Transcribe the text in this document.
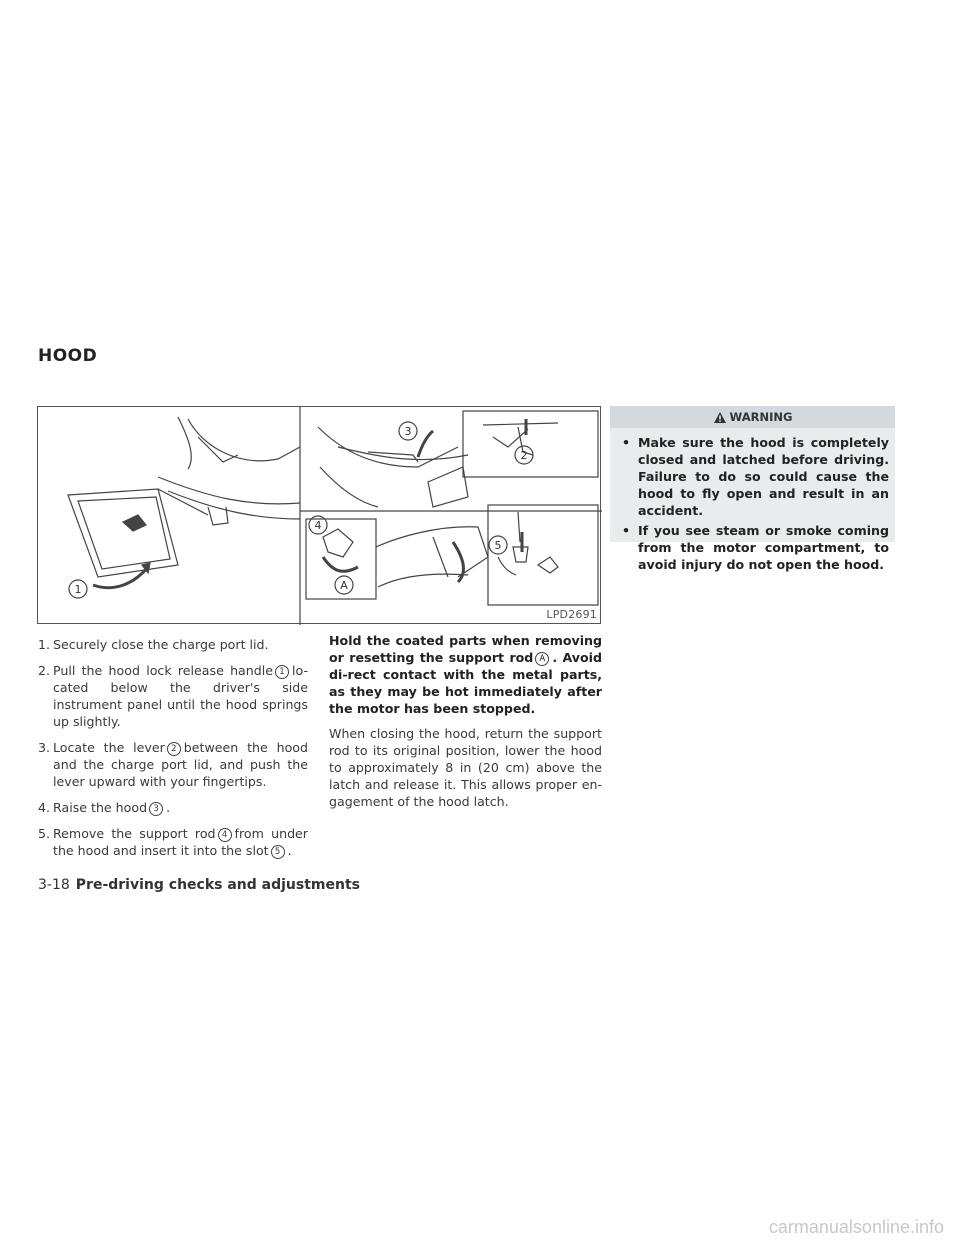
HOOD
1
2
3
4
5
A
LPD2691

1. Securely close the charge port lid.

2. Pull the hood lock release handle 1 lo-cated below the driver's side instrument panel until the hood springs up slightly.

3. Locate the lever 2 between the hood and the charge port lid, and push the lever upward with your fingertips.

4. Raise the hood 3 .

5. Remove the support rod 4 from under the hood and insert it into the slot 5 .

Hold the coated parts when removing or resetting the support rod A . Avoid di-rect contact with the metal parts, as they may be hot immediately after the motor has been stopped.

When closing the hood, return the support rod to its original position, lower the hood to approximately 8 in (20 cm) above the latch and release it. This allows proper en-gagement of the hood latch.

WARNING
• Make sure the hood is completely closed and latched before driving. Failure to do so could cause the hood to fly open and result in an accident.
• If you see steam or smoke coming from the motor compartment, to avoid injury do not open the hood.
3-18 Pre-driving checks and adjustments
carmanualsonline.info
